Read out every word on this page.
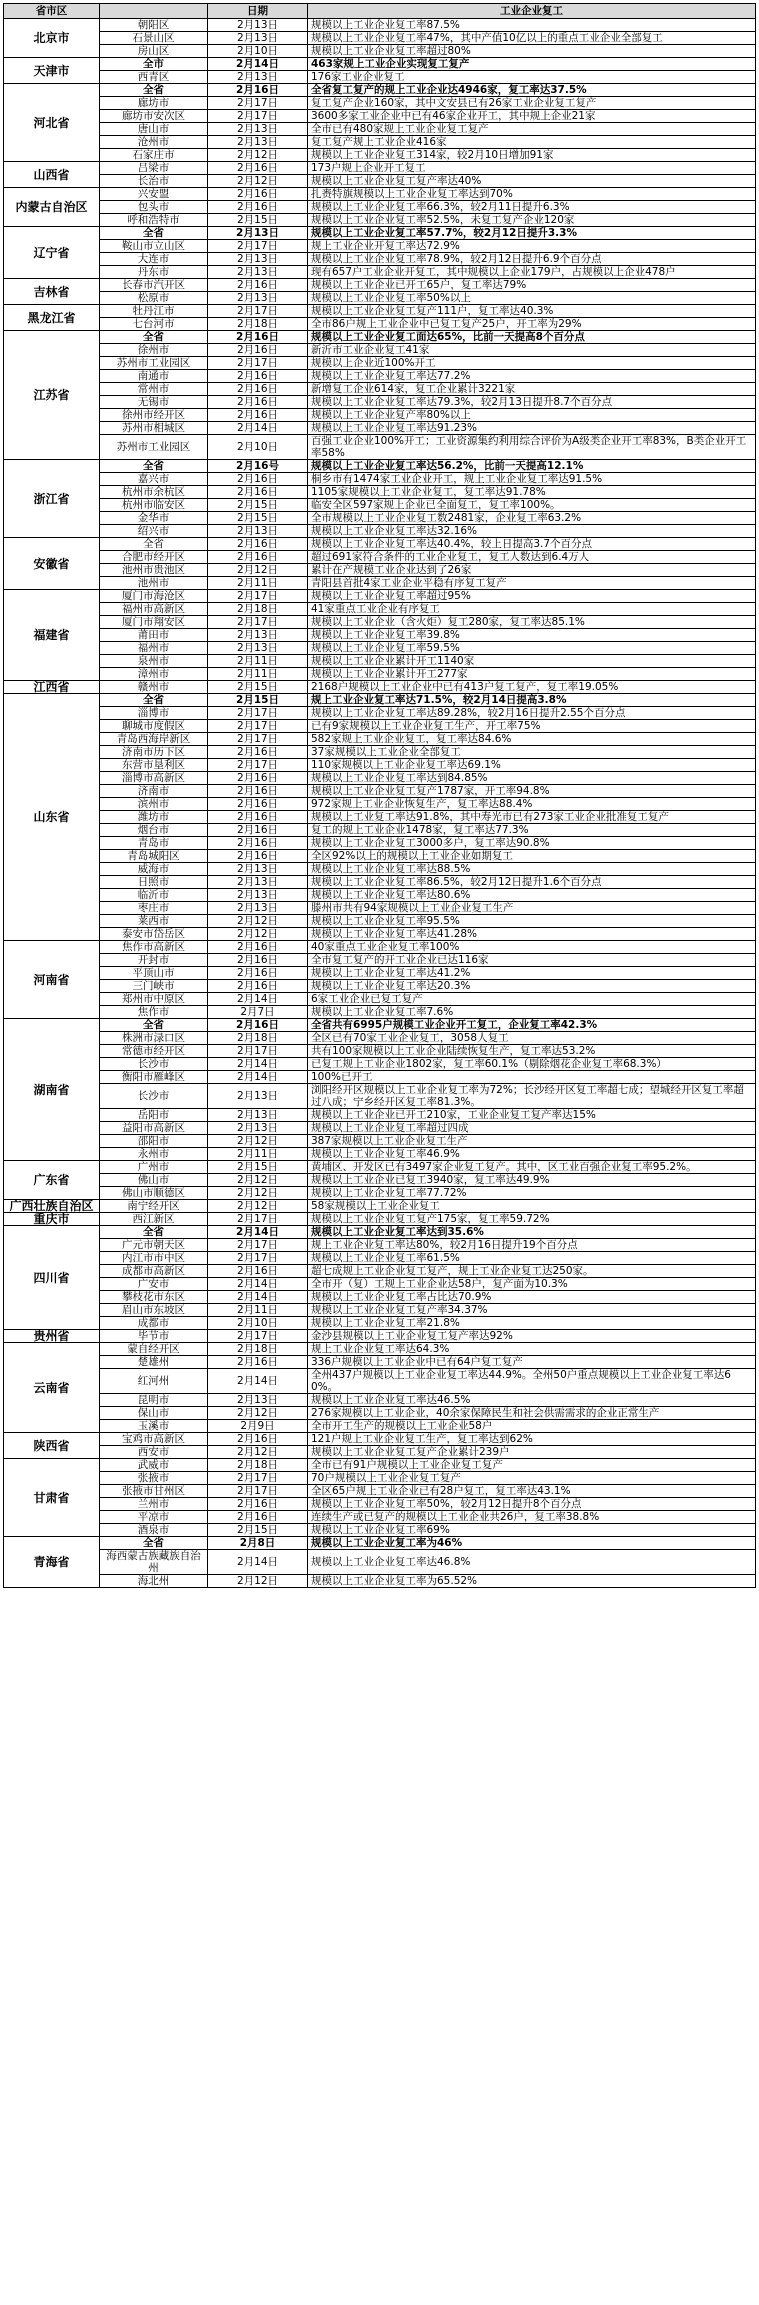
省市区		日期	工业企业复工
北京市	朝阳区	2月13日	规模以上工业企业复工率87.5%
	石景山区	2月13日	规模以上工业企业复工率47%，其中产值10亿以上的重点工业企业全部复工
	房山区	2月10日	规模以上工业企业复工率超过80%
天津市	全市	2月14日	463家规上工业企业实现复工复产
	西青区	2月13日	176家工业企业复工
河北省	全省	2月16日	全省复工复产的规上工业企业达4946家，复工率达37.5%
	廊坊市	2月17日	复工复产企业160家，其中文安县已有26家工业企业复工复产
	廊坊市安次区	2月17日	3600多家工业企业中已有46家企业开工，其中规上企业21家
	唐山市	2月13日	全市已有480家规上工业企业复工复产
	沧州市	2月13日	复工复产规上工业企业416家
	石家庄市	2月12日	规模以上工业企业复工314家，较2月10日增加91家
山西省	吕梁市	2月16日	173户规上企业开工复工
	长治市	2月12日	规模以上工业企业复工复产率达40%
内蒙古自治区	兴安盟	2月16日	扎赉特旗规模以上工业企业复工率达到70%
	包头市	2月16日	规模以上工业企业复工率66.3%，较2月11日提升6.3%
	呼和浩特市	2月15日	规模以上工业企业复工率52.5%，未复工复产企业120家
辽宁省	全省	2月13日	规模以上工业企业复工率57.7%，较2月12日提升3.3%
	鞍山市立山区	2月17日	规上工业企业开复工率达72.9%
	大连市	2月13日	规模以上工业企业复工率78.9%，较2月12日提升6.9个百分点
	丹东市	2月13日	现有657户工业企业开复工，其中规模以上企业179户，占规模以上企业478户
吉林省	长春市汽开区	2月16日	规模以上工业企业已开工65户，复工率达79%
	松原市	2月13日	规模以上工业企业复工率50%以上
黑龙江省	牡丹江市	2月17日	规模以上工业企业复工复产111户，复工率达40.3%
	七台河市	2月18日	全市86户规上工业企业中已复工复产25户，开工率为29%
江苏省	全省	2月16日	规模以上工业企业复工面达65%，比前一天提高8个百分点
	徐州市	2月16日	新沂市工业企业复工41家
	苏州市工业园区	2月17日	规模以上企业近100%开工
	南通市	2月16日	规模以上工业企业复工率达77.2%
	常州市	2月16日	新增复工企业614家，复工企业累计3221家
	无锡市	2月16日	规模以上工业企业复工率达79.3%，较2月13日提升8.7个百分点
	徐州市经开区	2月16日	规模以上工业企业复产率80%以上
	苏州市相城区	2月14日	规模以上工业企业复工率达91.23%
	苏州市工业园区	2月10日	百强工业企业100%开工；工业资源集约利用综合评价为A级类企业开工率83%，B类企业开工率58%
浙江省	全省	2月16号	规模以上工业企业复工率达56.2%，比前一天提高12.1%
	嘉兴市	2月16日	桐乡市有1474家工业企业开工，规上工业企业复工率达91.5%
	杭州市余杭区	2月16日	1105家规模以上工业企业复工，复工率达91.78%
	杭州市临安区	2月15日	临安全区597家规上企业已全面复工，复工率100%。
	金华市	2月15日	全市规模以上工业企业复工数2481家，企业复工率63.2%
	绍兴市	2月13日	规模以上工业企业复工率达32.16%
安徽省	全省	2月16日	规模以上工业企业复工率达40.4%，较上日提高3.7个百分点
	合肥市经开区	2月16日	超过691家符合条件的工业企业复工，复工人数达到6.4万人
	池州市贵池区	2月12日	累计在产规模工业企业达到了26家
	池州市	2月11日	青阳县首批4家工业企业平稳有序复工复产
福建省	厦门市海沧区	2月17日	规模以上工业企业复工率超过95%
	福州市高新区	2月18日	41家重点工业企业有序复工
	厦门市翔安区	2月17日	规模以上工业企业（含火炬）复工280家，复工率达85.1%
	莆田市	2月13日	规模以上工业企业复工率39.8%
	福州市	2月13日	规模以上工业企业复工率59.5%
	泉州市	2月11日	规模以上工业企业累计开工1140家
	漳州市	2月11日	规模以上工业企业累计开工277家
江西省	赣州市	2月15日	2168户规模以上工业企业中已有413户复工复产，复工率19.05%
山东省	全省	2月15日	规上工业企业复工率达71.5%，较2月14日提高3.8%
	淄博市	2月17日	规模以上工业企业复工率达89.28%，较2月16日提升2.55个百分点
	聊城市度假区	2月17日	已有9家规模以上工业企业复工生产，开工率75%
	青岛西海岸新区	2月17日	582家规上工业企业复工，复工率达84.6%
	济南市历下区	2月16日	37家规模以上工业企业全部复工
	东营市垦利区	2月17日	110家规模以上工业企业复工率达69.1%
	淄博市高新区	2月16日	规模以上工业企业复工率达到84.85%
	济南市	2月16日	规模以上工业企业复工复产1787家，开工率94.8%
	滨州市	2月16日	972家规上工业企业恢复生产，复工率达88.4%
	潍坊市	2月16日	规模以上工业复工率达91.8%，其中寿光市已有273家工业企业批准复工复产
	烟台市	2月16日	复工的规上工业企业1478家，复工率达77.3%
	青岛市	2月16日	规模以上工业企业复工3000多户，复工率达90.8%
	青岛城阳区	2月16日	全区92%以上的规模以上工业企业如期复工
	威海市	2月13日	规模以上工业企业复工率达88.5%
	日照市	2月13日	规模以上工业企业复工率86.5%，较2月12日提升1.6个百分点
	临沂市	2月13日	规模以上工业企业复工率达80.6%
	枣庄市	2月13日	滕州市共有94家规模以上工业企业复工生产
	莱西市	2月12日	规模以上工业企业复工率95.5%
	泰安市岱岳区	2月12日	规模以上工业企业复工率达41.28%
河南省	焦作市高新区	2月16日	40家重点工业企业复工率100%
	开封市	2月16日	全市复工复产的开工业企业已达116家
	平顶山市	2月16日	规模以上工业企业复工率达41.2%
	三门峡市	2月16日	规模以上工业企业复工率达20.3%
	郑州市中原区	2月14日	6家工业企业已复工复产
	焦作市	2月7日	规模以上工业企业复工率7.6%
湖南省	全省	2月16日	全省共有6995户规模工业企业开工复工，企业复工率42.3%
	株洲市渌口区	2月18日	全区已有70家工业企业复工，3058人复工
	常德市经开区	2月17日	共有100家规模以上工业企业陆续恢复生产，复工率达53.2%
	长沙市	2月14日	已复工规上工业企业1802家，复工率60.1%（剔除烟花企业复工率68.3%）
	衡阳市雁峰区	2月14日	100%已开工
	长沙市	2月13日	浏阳经开区规模以上工业企业复工率为72%；长沙经开区复工率超七成；望城经开区复工率超过八成；宁乡经开区复工率81.3%。
	岳阳市	2月13日	规模以上工业企业已开工210家，工业企业复工复产率达15%
	益阳市高新区	2月13日	规模以上工业企业复工率超过四成
	邵阳市	2月12日	387家规模以上工业企业复工生产
	永州市	2月11日	规模以上工业企业复工率46.9%
广东省	广州市	2月15日	黄埔区、开发区已有3497家企业复工复产。其中，区工业百强企业复工率95.2%。
	佛山市	2月12日	规模以上工业企业已复工3940家，复工率达49.9%
	佛山市顺德区	2月12日	规模以上工业企业复工率77.72%
广西壮族自治区	南宁经开区	2月12日	58家规模以上工业企业复工
重庆市	西江新区	2月17日	规模以上工业企业复工复产175家，复工率59.72%
四川省	全省	2月14日	规模以上工业企业复工率达到35.6%
	广元市朝天区	2月17日	规上工业企业复工率达80%，较2月16日提升19个百分点
	内江市市中区	2月17日	规模以上工业企业复工率61.5%
	成都市高新区	2月16日	超七成规上工业企业复工复产，规上工业企业复工达250家。
	广安市	2月14日	全市开（复）工规上工业企业达58户，复产面为10.3%
	攀枝花市东区	2月14日	规模以上工业企业复工率占比达70.9%
	眉山市东坡区	2月11日	规模以上工业企业复工复产率34.37%
	成都市	2月10日	规模以上工业企业复工率21.8%
贵州省	毕节市	2月17日	金沙县规模以上工业企业复工复产率达92%
云南省	蒙自经开区	2月18日	规上工业企业复工率达64.3%
	楚雄州	2月16日	336户规模以上工业企业中已有64户复工复产
	红河州	2月14日	全州437户规模以上工业企业复工率达44.9%。全州50户重点规模以上工业企业复工率达60%。
	昆明市	2月13日	规模以上工业企业复工率达46.5%
	保山市	2月12日	276家规模以上工业企业，40余家保障民生和社会供需需求的企业正常生产
	玉溪市	2月9日	全市开工生产的规模以上工业企业58户
陕西省	宝鸡市高新区	2月16日	121户规上工业企业复工生产，复工率达到62%
	西安市	2月12日	规模以上工业企业复工复产企业累计239户
甘肃省	武威市	2月18日	全市已有91户规模以上工业企业复工复产
	张掖市	2月17日	70户规模以上工业企业复工复产
	张掖市甘州区	2月17日	全区65户规上工业企业已有28户复工，复工率达43.1%
	兰州市	2月16日	规模以上工业企业复工率50%，较2月12日提升8个百分点
	平凉市	2月16日	连续生产或已复产的规模以上工业企业共26户，复工率38.8%
	酒泉市	2月15日	规模以上工业企业复工率69%
青海省	全省	2月8日	规模以上工业企业复工率为46%
	海西蒙古族藏族自治州	2月14日	规模以上工业企业复工率达46.8%
	海北州	2月12日	规模以上工业企业复工率为65.52%
